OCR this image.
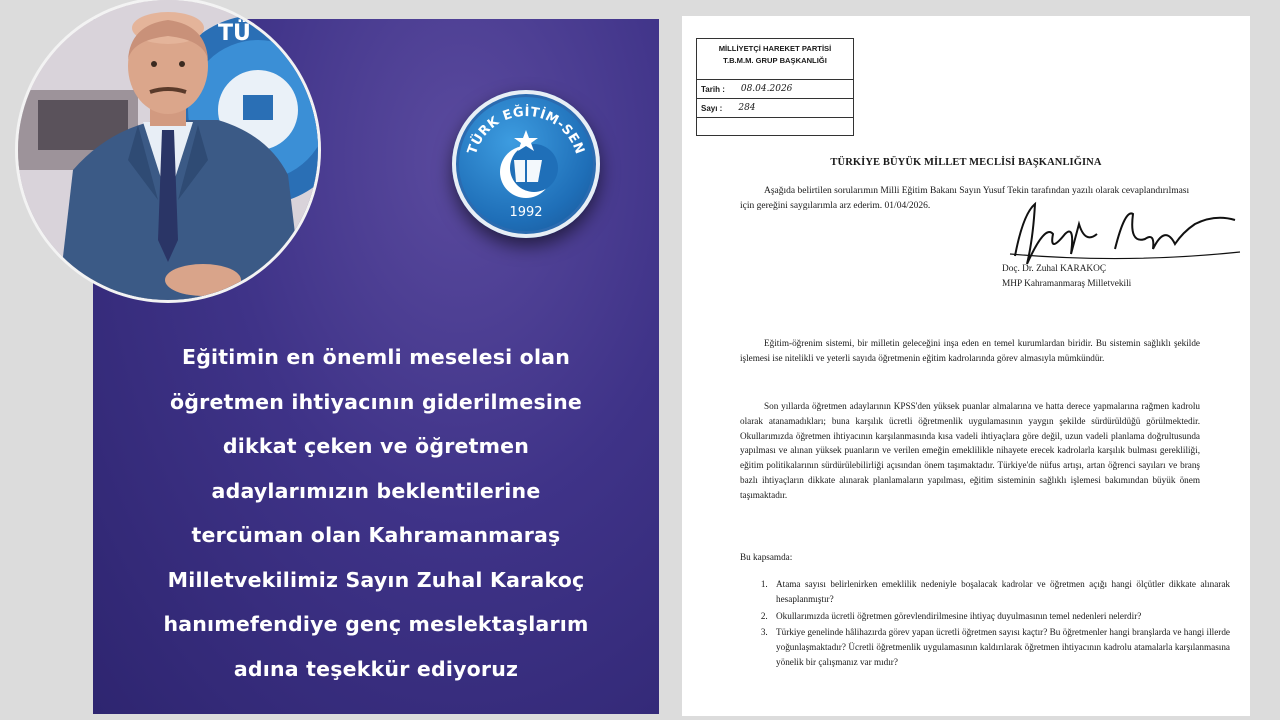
TÜ
TÜRK EĞİTİM-SEN
1992
Eğitimin en önemli meselesi olan
öğretmen ihtiyacının giderilmesine
dikkat çeken ve öğretmen
adaylarımızın beklentilerine
tercüman olan Kahramanmaraş
Milletvekilimiz Sayın Zuhal Karakoç
hanımefendiye genç meslektaşlarım
adına teşekkür ediyoruz
MİLLİYETÇİ HAREKET PARTİSİ
T.B.M.M. GRUP BAŞKANLIĞI
Tarih : 08.04.2026
Sayı : 284
TÜRKİYE BÜYÜK MİLLET MECLİSİ BAŞKANLIĞINA
Aşağıda belirtilen sorularımın Milli Eğitim Bakanı Sayın Yusuf Tekin tarafından yazılı olarak cevaplandırılması için gereğini saygılarımla arz ederim. 01/04/2026.
Doç. Dr. Zuhal KARAKOÇ
MHP Kahramanmaraş Milletvekili
Eğitim-öğrenim sistemi, bir milletin geleceğini inşa eden en temel kurumlardan biridir. Bu sistemin sağlıklı şekilde işlemesi ise nitelikli ve yeterli sayıda öğretmenin eğitim kadrolarında görev almasıyla mümkündür.
Son yıllarda öğretmen adaylarının KPSS'den yüksek puanlar almalarına ve hatta derece yapmalarına rağmen kadrolu olarak atanamadıkları; buna karşılık ücretli öğretmenlik uygulamasının yaygın şekilde sürdürüldüğü görülmektedir. Okullarımızda öğretmen ihtiyacının karşılanmasında kısa vadeli ihtiyaçlara göre değil, uzun vadeli planlama doğrultusunda yapılması ve alınan yüksek puanların ve verilen emeğin emeklilikle nihayete erecek kadrolarla karşılık bulması gerekliliği, eğitim politikalarının sürdürülebilirliği açısından önem taşımaktadır. Türkiye'de nüfus artışı, artan öğrenci sayıları ve branş bazlı ihtiyaçların dikkate alınarak planlamaların yapılması, eğitim sisteminin sağlıklı işlemesi bakımından büyük önem taşımaktadır.
Bu kapsamda:
1. Atama sayısı belirlenirken emeklilik nedeniyle boşalacak kadrolar ve öğretmen açığı hangi ölçütler dikkate alınarak hesaplanmıştır?
2. Okullarımızda ücretli öğretmen görevlendirilmesine ihtiyaç duyulmasının temel nedenleri nelerdir?
3. Türkiye genelinde hâlihazırda görev yapan ücretli öğretmen sayısı kaçtır? Bu öğretmenler hangi branşlarda ve hangi illerde yoğunlaşmaktadır? Ücretli öğretmenlik uygulamasının kaldırılarak öğretmen ihtiyacının kadrolu atamalarla karşılanmasına yönelik bir çalışmanız var mıdır?
